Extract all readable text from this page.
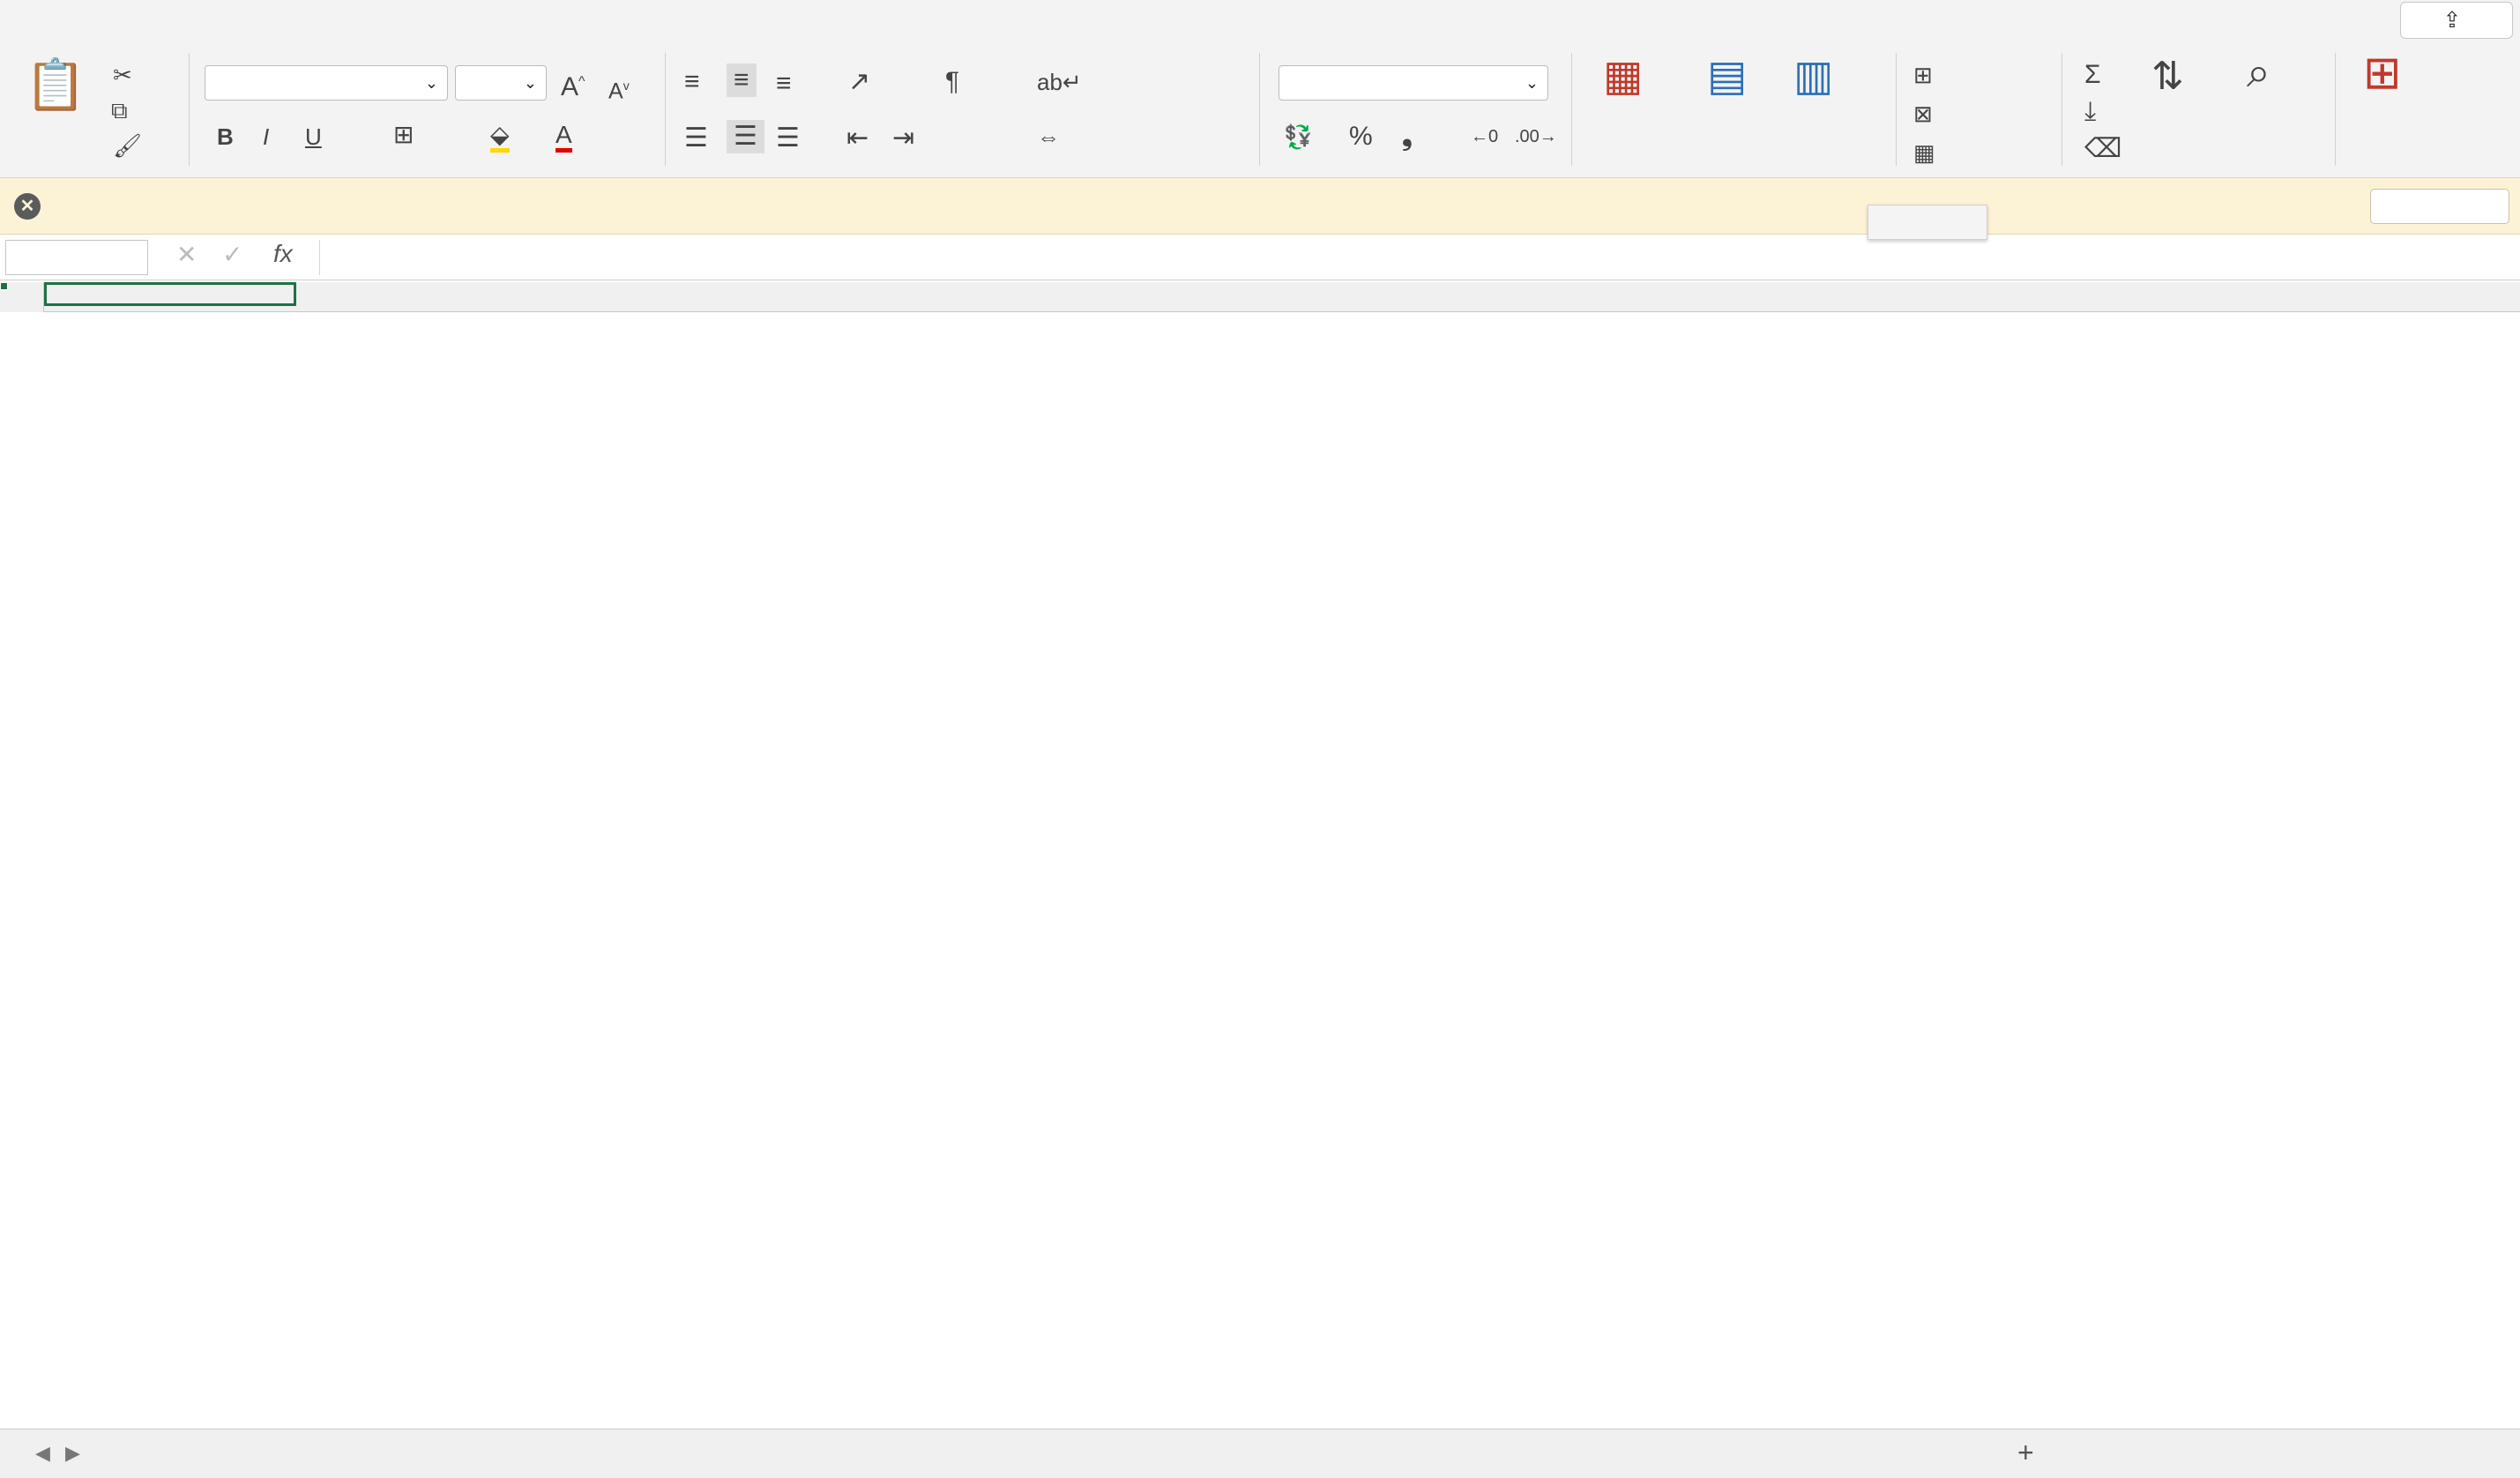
⇪
📋 ✂
⧉
🖌
⌄	⌄ A^ $A^v$
B I U	⊞	⬙ A
≡ ≡ ≡ ↗
☰ ☰ ☰ ⇤ ⇥
¶	ab↵
⇔
⌄
💱 % ❟	←0 .00→
▦ ▤ ▥	⊞
⊠
▦
Σ
⤓
⌫
⇅ ⌕ ⊞
✕
✕ ✓ fx
◀ ▶	+
